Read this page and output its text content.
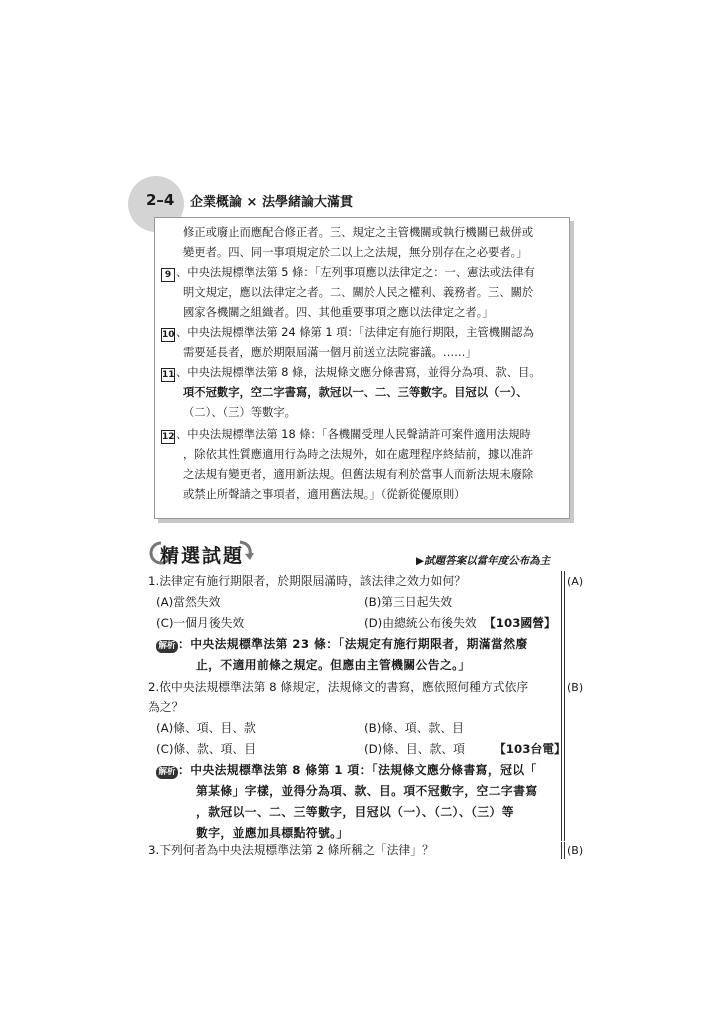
2–4 企業概論 × 法學緒論大滿貫
修正或廢止而應配合修正者。三、規定之主管機關或執行機關已裁併或
變更者。四、同一事項規定於二以上之法規，無分別存在之必要者。」
9 、中央法規標準法第 5 條：「左列事項應以法律定之：一、憲法或法律有
明文規定，應以法律定之者。二、關於人民之權利、義務者。三、關於
國家各機關之組織者。四、其他重要事項之應以法律定之者。」
10、中央法規標準法第 24 條第 1 項：「法律定有施行期限，主管機關認為
需要延長者，應於期限屆滿一個月前送立法院審議。……」
11、中央法規標準法第 8 條，法規條文應分條書寫，並得分為項、款、目。
項不冠數字，空二字書寫，款冠以一、二、三等數字。目冠以（一）、
（二）、（三）等數字。
12、中央法規標準法第 18 條：「各機關受理人民聲請許可案件適用法規時
，除依其性質應適用行為時之法規外，如在處理程序終結前，據以准許
之法規有變更者，適用新法規。但舊法規有利於當事人而新法規未廢除
或禁止所聲請之事項者，適用舊法規。」（從新從優原則）
精選試題	▶試題答案以當年度公布為主
1.法律定有施行期限者，於期限屆滿時，該法律之效力如何？	(A)
(A)當然失效	(B)第三日起失效
(C)一個月後失效	(D)由總統公布後失效 【103國營】
解析 ：中央法規標準法第 23 條：「法規定有施行期限者，期滿當然廢
止，不適用前條之規定。但應由主管機關公告之。」
2.依中央法規標準法第 8 條規定，法規條文的書寫，應依照何種方式依序	(B)
為之？
(A)條、項、目、款	(B)條、項、款、目
(C)條、款、項、目	(D)條、目、款、項 【103台電】
解析 ：中央法規標準法第 8 條第 1 項：「法規條文應分條書寫，冠以「
第某條」字樣，並得分為項、款、目。項不冠數字，空二字書寫
，款冠以一、二、三等數字，目冠以（一）、（二）、（三）等
數字，並應加具標點符號。」
3.下列何者為中央法規標準法第 2 條所稱之「法律」？	(B)
